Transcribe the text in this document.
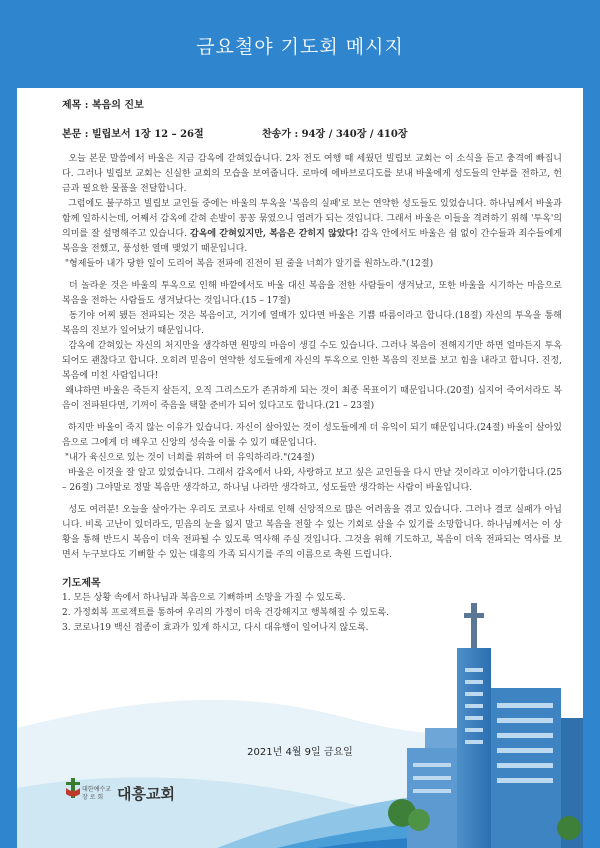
금요철야 기도회 메시지
제목 : 복음의 진보
본문 : 빌립보서 1장 12 – 26절	찬송가 : 94장 / 340장 / 410장

오늘 본문 말씀에서 바울은 지금 감옥에 갇혀있습니다. 2차 전도 여행 때 세웠던 빌립보 교회는 이 소식을 듣고 충격에 빠집니다. 그러나 빌립보 교회는 신실한 교회의 모습을 보여줍니다. 로마에 에바브로디도를 보내 바울에게 성도들의 안부를 전하고, 헌금과 필요한 물품을 전달합니다.

그럼에도 불구하고 빌립보 교인들 중에는 바울의 투옥을 '복음의 실패'로 보는 연약한 성도들도 있었습니다. 하나님께서 바울과 함께 일하시는데, 어째서 감옥에 갇혀 손발이 꽁꽁 묶였으니 염려가 되는 것입니다. 그래서 바울은 이들을 격려하기 위해 '투옥'의 의미를 잘 설명해주고 있습니다. 감옥에 갇혀있지만, 복음은 갇히지 않았다! 감옥 안에서도 바울은 쉼 없이 간수들과 죄수들에게 복음을 전했고, 풍성한 열매 맺었기 때문입니다.

"형제들아 내가 당한 일이 도리어 복음 전파에 진전이 된 줄을 너희가 알기를 원하노라."(12절)

더 놀라운 것은 바울의 투옥으로 인해 바깥에서도 바울 대신 복음을 전한 사람들이 생겨났고, 또한 바울을 시기하는 마음으로 복음을 전하는 사람들도 생겨났다는 것입니다.(15 – 17절)

동기야 어찌 됐든 전파되는 것은 복음이고, 거기에 열매가 있다면 바울은 기쁨 따름이라고 합니다.(18절) 자신의 투옥을 통해 복음의 진보가 일어났기 때문입니다.

감옥에 갇혀있는 자신의 처지만을 생각하면 원망의 마음이 생길 수도 있습니다. 그러나 복음이 전해지기만 하면 얼마든지 투옥되어도 괜찮다고 합니다. 오히려 믿음이 연약한 성도들에게 자신의 투옥으로 인한 복음의 진보를 보고 힘을 내라고 합니다. 진정, 복음에 미친 사람입니다!

왜냐하면 바울은 죽든지 살든지, 오직 그리스도가 존귀하게 되는 것이 최종 목표이기 때문입니다.(20절) 심지어 죽어서라도 복음이 전파된다면, 기꺼이 죽음을 택할 준비가 되어 있다고도 합니다.(21 – 23절)

하지만 바울이 죽지 않는 이유가 있습니다. 자신이 살아있는 것이 성도들에게 더 유익이 되기 때문입니다.(24절) 바울이 살아있음으로 그에게 더 배우고 신앙의 성숙을 이룰 수 있기 때문입니다.

"내가 육신으로 있는 것이 너희를 위하여 더 유익하리라."(24절)

바울은 이것을 잘 알고 있었습니다. 그래서 감옥에서 나와, 사랑하고 보고 싶은 교인들을 다시 만날 것이라고 이야기합니다.(25 – 26절) 그야말로 정말 복음만 생각하고, 하나님 나라만 생각하고, 성도들만 생각하는 사람이 바울입니다.

성도 여러분! 오늘을 살아가는 우리도 코로나 사태로 인해 신앙적으로 많은 어려움을 겪고 있습니다. 그러나 결코 실패가 아닙니다. 비록 고난이 있더라도, 믿음의 눈을 잃지 말고 복음을 전할 수 있는 기회로 삼을 수 있기를 소망합니다. 하나님께서는 이 상황을 통해 반드시 복음이 더욱 전파될 수 있도록 역사해 주실 것입니다. 그것을 위해 기도하고, 복음이 더욱 전파되는 역사를 보면서 누구보다도 기뻐할 수 있는 대흥의 가족 되시기를 주의 이름으로 축원 드립니다.

기도제목

1. 모든 상황 속에서 하나님과 복음으로 기뻐하며 소망을 가질 수 있도록.

2. 가정회복 프로젝트를 통하여 우리의 가정이 더욱 건강해지고 행복해질 수 있도록.

3. 코로나19 백신 접종이 효과가 있게 하시고, 다시 대유행이 일어나지 않도록.

2021년 4월 9일 금요일
대한예수교
장 로 회 대흥교회
